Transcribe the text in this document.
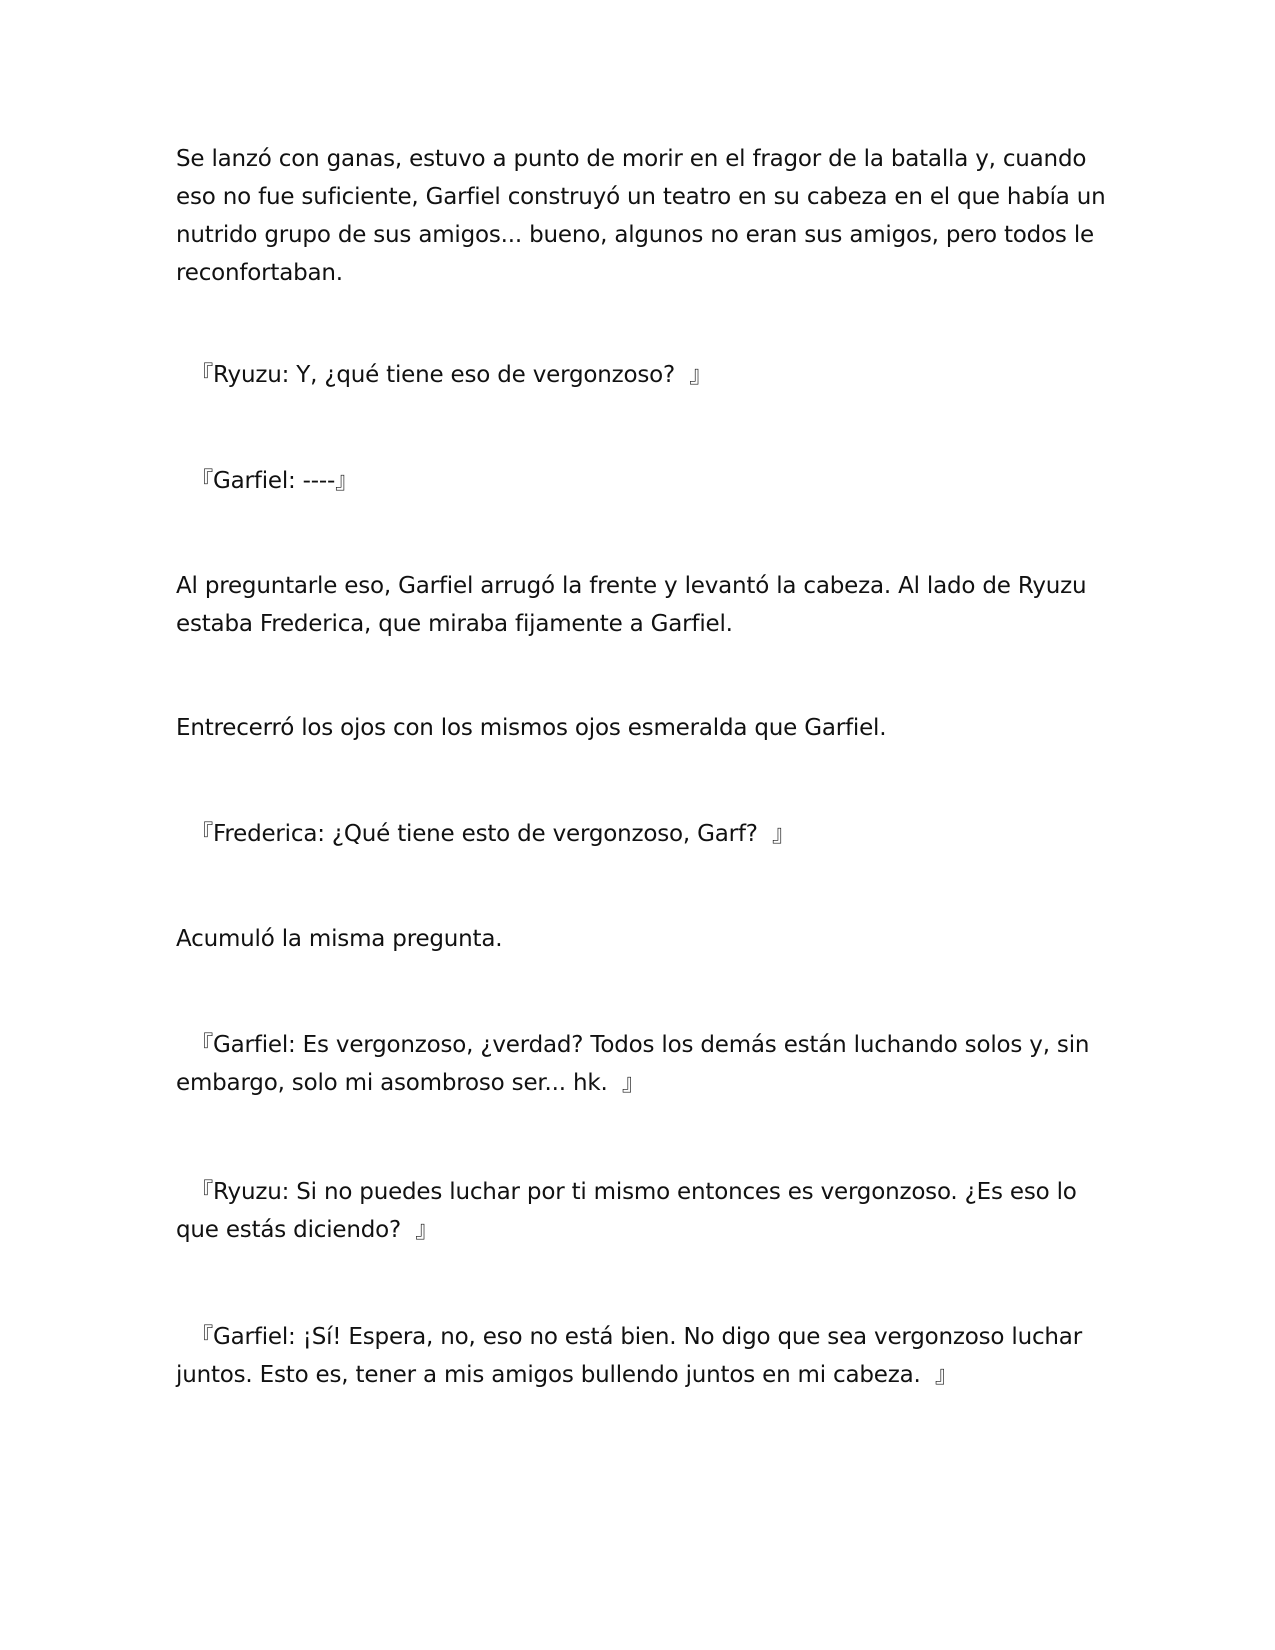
Se lanzó con ganas, estuvo a punto de morir en el fragor de la batalla y, cuando eso no fue suficiente, Garfiel construyó un teatro en su cabeza en el que había un nutrido grupo de sus amigos... bueno, algunos no eran sus amigos, pero todos le reconfortaban.

『Ryuzu: Y, ¿qué tiene eso de vergonzoso?  』

『Garfiel: ----』

Al preguntarle eso, Garfiel arrugó la frente y levantó la cabeza. Al lado de Ryuzu estaba Frederica, que miraba fijamente a Garfiel.

Entrecerró los ojos con los mismos ojos esmeralda que Garfiel.

『Frederica: ¿Qué tiene esto de vergonzoso, Garf?  』

Acumuló la misma pregunta.

『Garfiel: Es vergonzoso, ¿verdad? Todos los demás están luchando solos y, sin embargo, solo mi asombroso ser... hk.  』

『Ryuzu: Si no puedes luchar por ti mismo entonces es vergonzoso. ¿Es eso lo que estás diciendo?  』

『Garfiel: ¡Sí! Espera, no, eso no está bien. No digo que sea vergonzoso luchar juntos. Esto es, tener a mis amigos bullendo juntos en mi cabeza.  』
